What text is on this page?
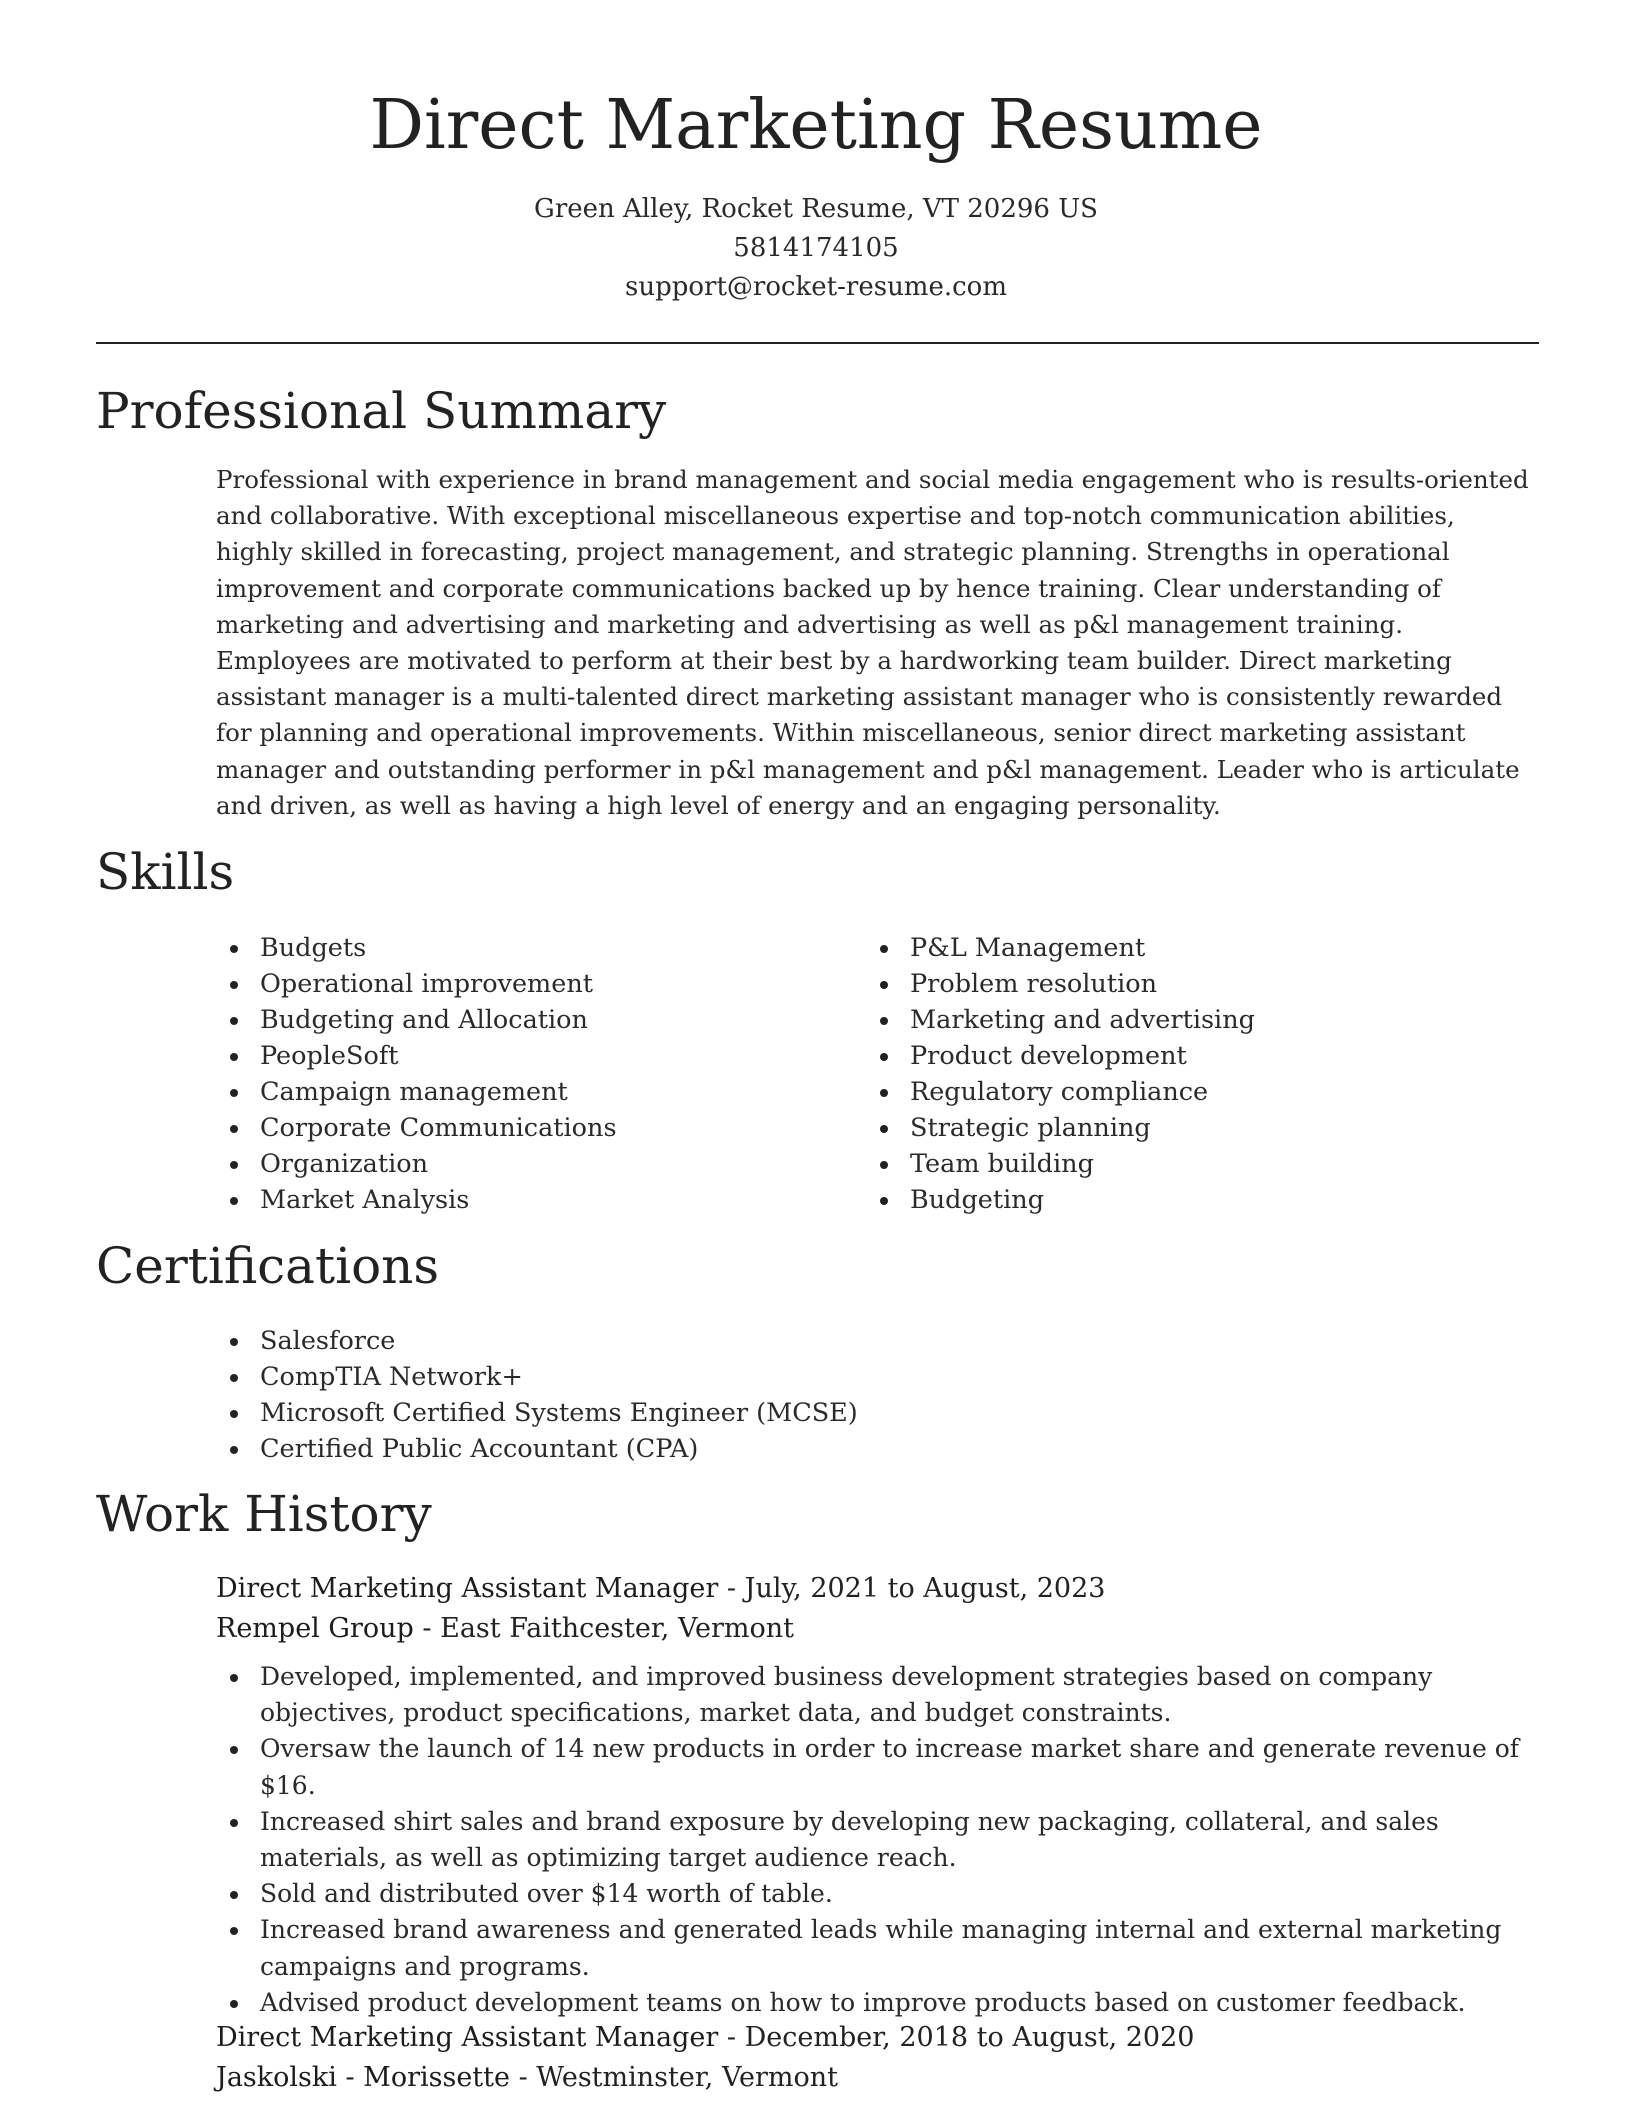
Direct Marketing Resume
Green Alley, Rocket Resume, VT 20296 US
5814174105
support@rocket-resume.com
Professional Summary

Professional with experience in brand management and social media engagement who is results-oriented and collaborative. With exceptional miscellaneous expertise and top-notch communication abilities, highly skilled in forecasting, project management, and strategic planning. Strengths in operational improvement and corporate communications backed up by hence training. Clear understanding of marketing and advertising and marketing and advertising as well as p&l management training. Employees are motivated to perform at their best by a hardworking team builder. Direct marketing assistant manager is a multi-talented direct marketing assistant manager who is consistently rewarded for planning and operational improvements. Within miscellaneous, senior direct marketing assistant manager and outstanding performer in p&l management and p&l management. Leader who is articulate and driven, as well as having a high level of energy and an engaging personality.

Skills
Budgets
Operational improvement
Budgeting and Allocation
PeopleSoft
Campaign management
Corporate Communications
Organization
Market Analysis
P&L Management
Problem resolution
Marketing and advertising
Product development
Regulatory compliance
Strategic planning
Team building
Budgeting
Certifications
Salesforce
CompTIA Network+
Microsoft Certified Systems Engineer (MCSE)
Certified Public Accountant (CPA)
Work History
Direct Marketing Assistant Manager - July, 2021 to August, 2023
Rempel Group - East Faithcester, Vermont
Developed, implemented, and improved business development strategies based on company objectives, product specifications, market data, and budget constraints.
Oversaw the launch of 14 new products in order to increase market share and generate revenue of $16.
Increased shirt sales and brand exposure by developing new packaging, collateral, and sales materials, as well as optimizing target audience reach.
Sold and distributed over $14 worth of table.
Increased brand awareness and generated leads while managing internal and external marketing campaigns and programs.
Advised product development teams on how to improve products based on customer feedback.
Direct Marketing Assistant Manager - December, 2018 to August, 2020
Jaskolski - Morissette - Westminster, Vermont
